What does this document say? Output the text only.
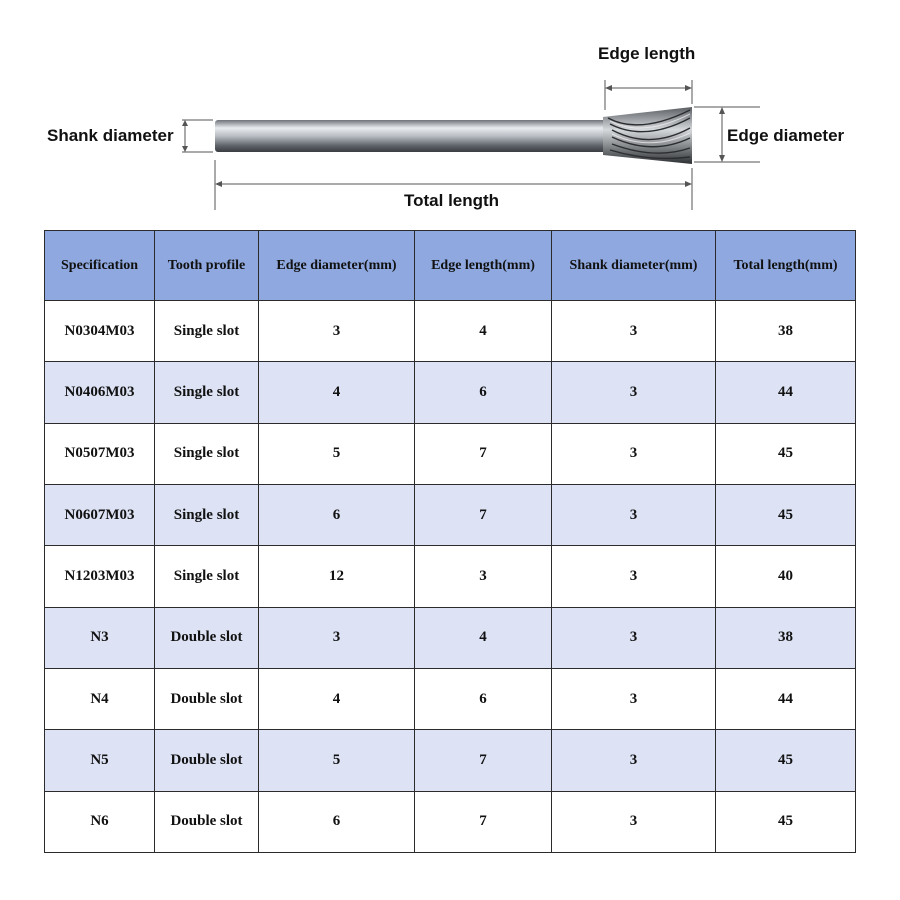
Edge length
Shank diameter	Edge diameter
Total length
Specification	Tooth profile	Edge diameter(mm)	Edge length(mm)	Shank diameter(mm)	Total length(mm)
N0304M03	Single slot	3	4	3	38
N0406M03	Single slot	4	6	3	44
N0507M03	Single slot	5	7	3	45
N0607M03	Single slot	6	7	3	45
N1203M03	Single slot	12	3	3	40
N3	Double slot	3	4	3	38
N4	Double slot	4	6	3	44
N5	Double slot	5	7	3	45
N6	Double slot	6	7	3	45
